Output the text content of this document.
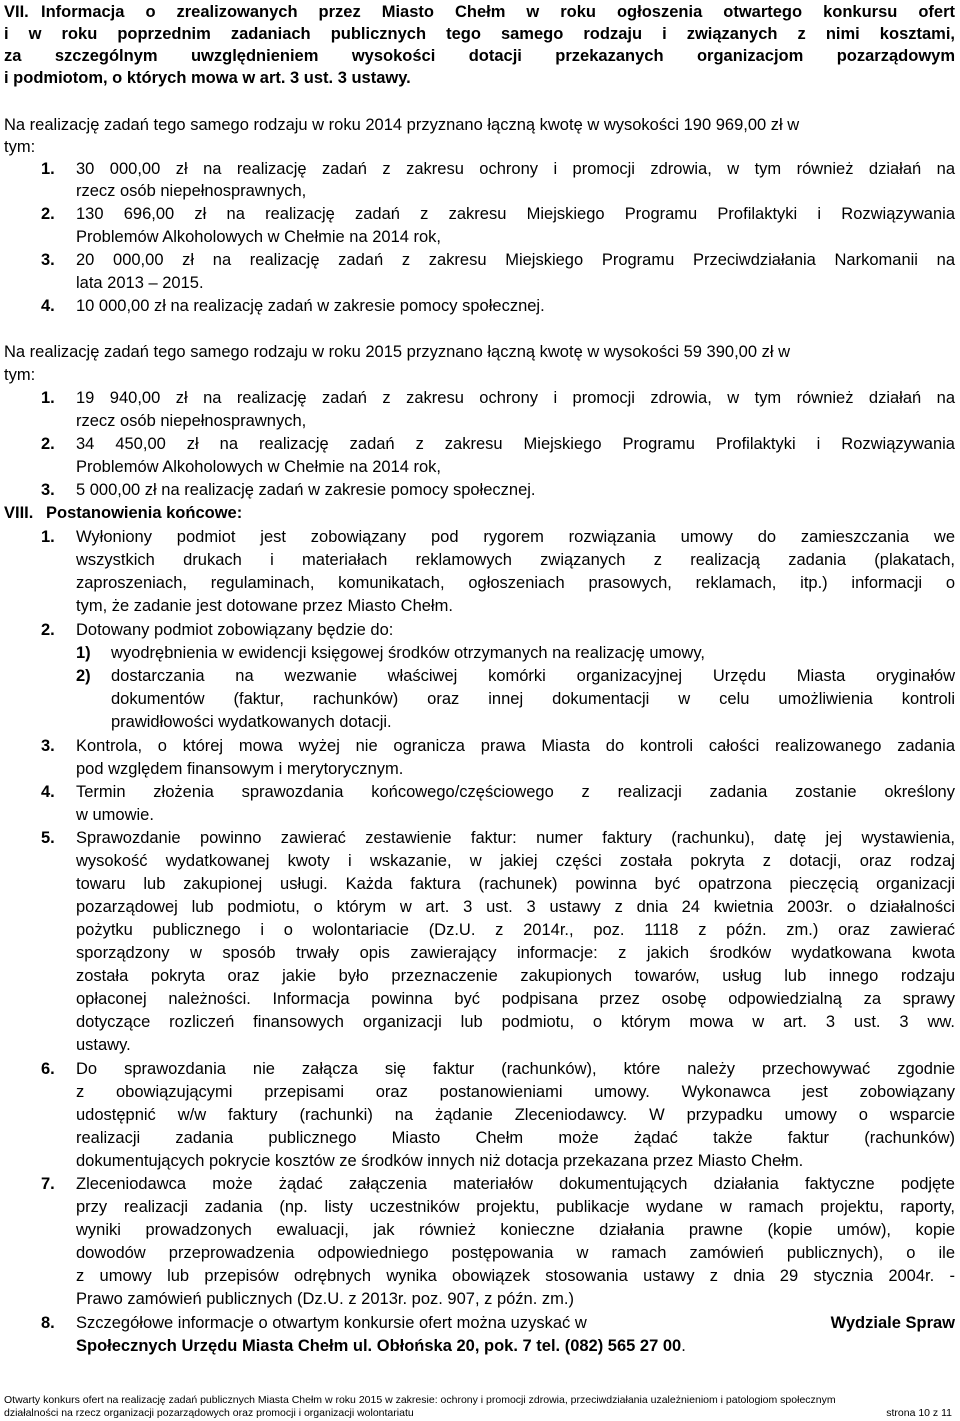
VII. Informacja o zrealizowanych przez Miasto Chełm w roku ogłoszenia otwartego konkursu ofert
i w roku poprzednim zadaniach publicznych tego samego rodzaju i związanych z nimi kosztami,
za szczególnym uwzględnieniem wysokości dotacji przekazanych organizacjom pozarządowym
i podmiotom, o których mowa w art. 3 ust. 3 ustawy.
Na realizację zadań tego samego rodzaju w roku 2014 przyznano łączną kwotę w wysokości 190 969,00 zł w
tym:
1. 30 000,00 zł na realizację zadań z zakresu ochrony i promocji zdrowia, w tym również działań na
rzecz osób niepełnosprawnych,
2. 130 696,00 zł na realizację zadań z zakresu Miejskiego Programu Profilaktyki i Rozwiązywania
Problemów Alkoholowych w Chełmie na 2014 rok,
3. 20 000,00 zł na realizację zadań z zakresu Miejskiego Programu Przeciwdziałania Narkomanii na
lata 2013 – 2015.
4. 10 000,00 zł na realizację zadań w zakresie pomocy społecznej.
Na realizację zadań tego samego rodzaju w roku 2015 przyznano łączną kwotę w wysokości 59 390,00 zł w
tym:
1. 19 940,00 zł na realizację zadań z zakresu ochrony i promocji zdrowia, w tym również działań na
rzecz osób niepełnosprawnych,
2. 34 450,00 zł na realizację zadań z zakresu Miejskiego Programu Profilaktyki i Rozwiązywania
Problemów Alkoholowych w Chełmie na 2014 rok,
3. 5 000,00 zł na realizację zadań w zakresie pomocy społecznej.
VIII. Postanowienia końcowe:
1. Wyłoniony podmiot jest zobowiązany pod rygorem rozwiązania umowy do zamieszczania we
wszystkich drukach i materiałach reklamowych związanych z realizacją zadania (plakatach,
zaproszeniach, regulaminach, komunikatach, ogłoszeniach prasowych, reklamach, itp.) informacji o
tym, że zadanie jest dotowane przez Miasto Chełm.
2. Dotowany podmiot zobowiązany będzie do:
1) wyodrębnienia w ewidencji księgowej środków otrzymanych na realizację umowy,
2) dostarczania na wezwanie właściwej komórki organizacyjnej Urzędu Miasta oryginałów
dokumentów (faktur, rachunków) oraz innej dokumentacji w celu umożliwienia kontroli
prawidłowości wydatkowanych dotacji.
3. Kontrola, o której mowa wyżej nie ogranicza prawa Miasta do kontroli całości realizowanego zadania
pod względem finansowym i merytorycznym.
4. Termin złożenia sprawozdania końcowego/częściowego z realizacji zadania zostanie określony
w umowie.
5. Sprawozdanie powinno zawierać zestawienie faktur: numer faktury (rachunku), datę jej wystawienia,
wysokość wydatkowanej kwoty i wskazanie, w jakiej części została pokryta z dotacji, oraz rodzaj
towaru lub zakupionej usługi. Każda faktura (rachunek) powinna być opatrzona pieczęcią organizacji
pozarządowej lub podmiotu, o którym w art. 3 ust. 3 ustawy z dnia 24 kwietnia 2003r. o działalności
pożytku publicznego i o wolontariacie (Dz.U. z 2014r., poz. 1118 z późn. zm.) oraz zawierać
sporządzony w sposób trwały opis zawierający informacje: z jakich środków wydatkowana kwota
została pokryta oraz jakie było przeznaczenie zakupionych towarów, usług lub innego rodzaju
opłaconej należności. Informacja powinna być podpisana przez osobę odpowiedzialną za sprawy
dotyczące rozliczeń finansowych organizacji lub podmiotu, o którym mowa w art. 3 ust. 3 ww.
ustawy.
6. Do sprawozdania nie załącza się faktur (rachunków), które należy przechowywać zgodnie
z obowiązującymi przepisami oraz postanowieniami umowy. Wykonawca jest zobowiązany
udostępnić w/w faktury (rachunki) na żądanie Zleceniodawcy. W przypadku umowy o wsparcie
realizacji zadania publicznego Miasto Chełm może żądać także faktur (rachunków)
dokumentujących pokrycie kosztów ze środków innych niż dotacja przekazana przez Miasto Chełm.
7. Zleceniodawca może żądać załączenia materiałów dokumentujących działania faktyczne podjęte
przy realizacji zadania (np. listy uczestników projektu, publikacje wydane w ramach projektu, raporty,
wyniki prowadzonych ewaluacji, jak również konieczne działania prawne (kopie umów), kopie
dowodów przeprowadzenia odpowiedniego postępowania w ramach zamówień publicznych), o ile
z umowy lub przepisów odrębnych wynika obowiązek stosowania ustawy z dnia 29 stycznia 2004r. -
Prawo zamówień publicznych (Dz.U. z 2013r. poz. 907, z późn. zm.)
8. Szczegółowe informacje o otwartym konkursie ofert można uzyskać w	Wydziale Spraw
Społecznych Urzędu Miasta Chełm ul. Obłońska 20, pok. 7 tel. (082) 565 27 00.
Otwarty konkurs ofert na realizację zadań publicznych Miasta Chełm w roku 2015 w zakresie: ochrony i promocji zdrowia, przeciwdziałania uzależnieniom i patologiom społecznym
działalności na rzecz organizacji pozarządowych oraz promocji i organizacji wolontariatu	strona 10 z 11
